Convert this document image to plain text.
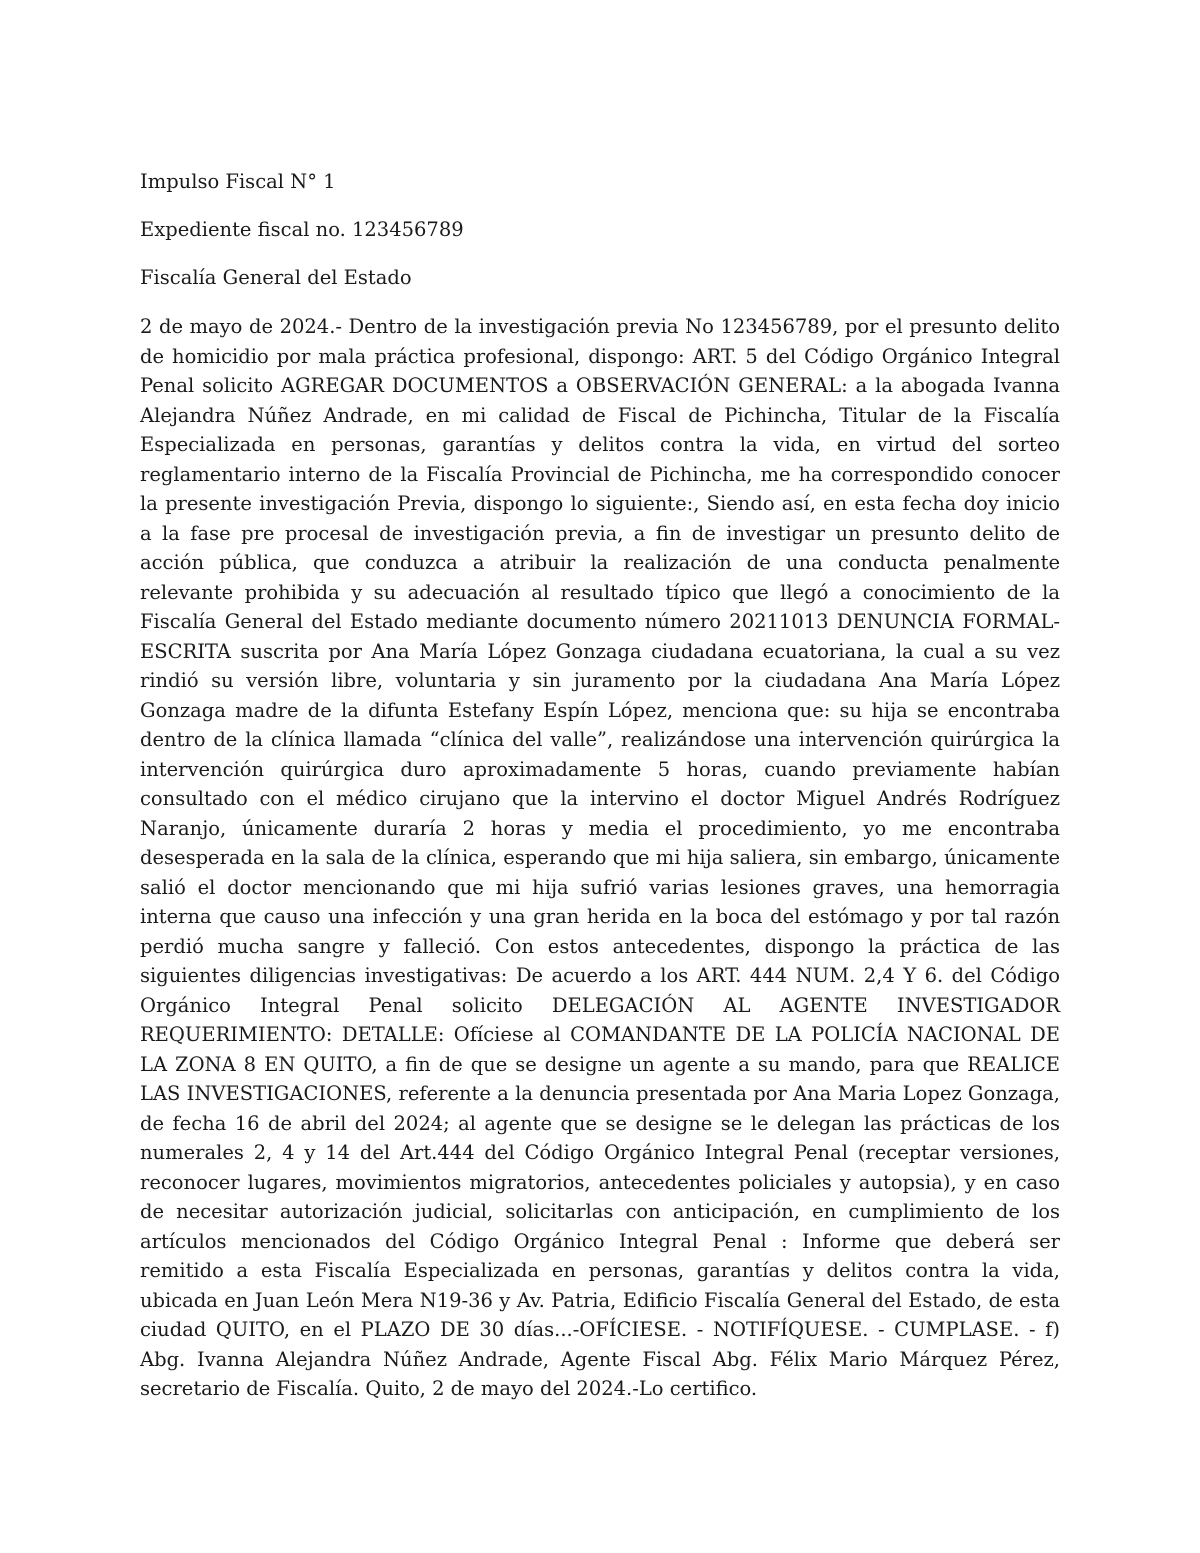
Impulso Fiscal N° 1

Expediente fiscal no. 123456789

Fiscalía General del Estado

2 de mayo de 2024.- Dentro de la investigación previa No 123456789, por el presunto delito de homicidio por mala práctica profesional, dispongo: ART. 5 del Código Orgánico Integral Penal solicito AGREGAR DOCUMENTOS a OBSERVACIÓN GENERAL: a la abogada Ivanna Alejandra Núñez Andrade, en mi calidad de Fiscal de Pichincha, Titular de la Fiscalía Especializada en personas, garantías y delitos contra la vida, en virtud del sorteo reglamentario interno de la Fiscalía Provincial de Pichincha, me ha correspondido conocer la presente investigación Previa, dispongo lo siguiente:, Siendo así, en esta fecha doy inicio a la fase pre procesal de investigación previa, a fin de investigar un presunto delito de acción pública, que conduzca a atribuir la realización de una conducta penalmente relevante prohibida y su adecuación al resultado típico que llegó a conocimiento de la Fiscalía General del Estado mediante documento número 20211013 DENUNCIA FORMAL- ESCRITA suscrita por Ana María López Gonzaga ciudadana ecuatoriana, la cual a su vez rindió su versión libre, voluntaria y sin juramento por la ciudadana Ana María López Gonzaga madre de la difunta Estefany Espín López, menciona que: su hija se encontraba dentro de la clínica llamada “clínica del valle”, realizándose una intervención quirúrgica la intervención quirúrgica duro aproximadamente 5 horas, cuando previamente habían consultado con el médico cirujano que la intervino el doctor Miguel Andrés Rodríguez Naranjo, únicamente duraría 2 horas y media el procedimiento, yo me encontraba desesperada en la sala de la clínica, esperando que mi hija saliera, sin embargo, únicamente salió el doctor mencionando que mi hija sufrió varias lesiones graves, una hemorragia interna que causo una infección y una gran herida en la boca del estómago y por tal razón perdió mucha sangre y falleció. Con estos antecedentes, dispongo la práctica de las siguientes diligencias investigativas: De acuerdo a los ART. 444 NUM. 2,4 Y 6. del Código Orgánico Integral Penal solicito DELEGACIÓN AL AGENTE INVESTIGADOR REQUERIMIENTO: DETALLE: Ofíciese al COMANDANTE DE LA POLICÍA NACIONAL DE LA ZONA 8 EN QUITO, a fin de que se designe un agente a su mando, para que REALICE LAS INVESTIGACIONES, referente a la denuncia presentada por Ana Maria Lopez Gonzaga, de fecha 16 de abril del 2024; al agente que se designe se le delegan las prácticas de los numerales 2, 4 y 14 del Art.444 del Código Orgánico Integral Penal (receptar versiones, reconocer lugares, movimientos migratorios, antecedentes policiales y autopsia), y en caso de necesitar autorización judicial, solicitarlas con anticipación, en cumplimiento de los artículos mencionados del Código Orgánico Integral Penal : Informe que deberá ser remitido a esta Fiscalía Especializada en personas, garantías y delitos contra la vida, ubicada en Juan León Mera N19-36 y Av. Patria, Edificio Fiscalía General del Estado, de esta ciudad QUITO, en el PLAZO DE 30 días...-OFÍCIESE. - NOTIFÍQUESE. - CUMPLASE. - f) Abg. Ivanna Alejandra Núñez Andrade, Agente Fiscal Abg. Félix Mario Márquez Pérez, secretario de Fiscalía. Quito, 2 de mayo del 2024.-Lo certifico.
